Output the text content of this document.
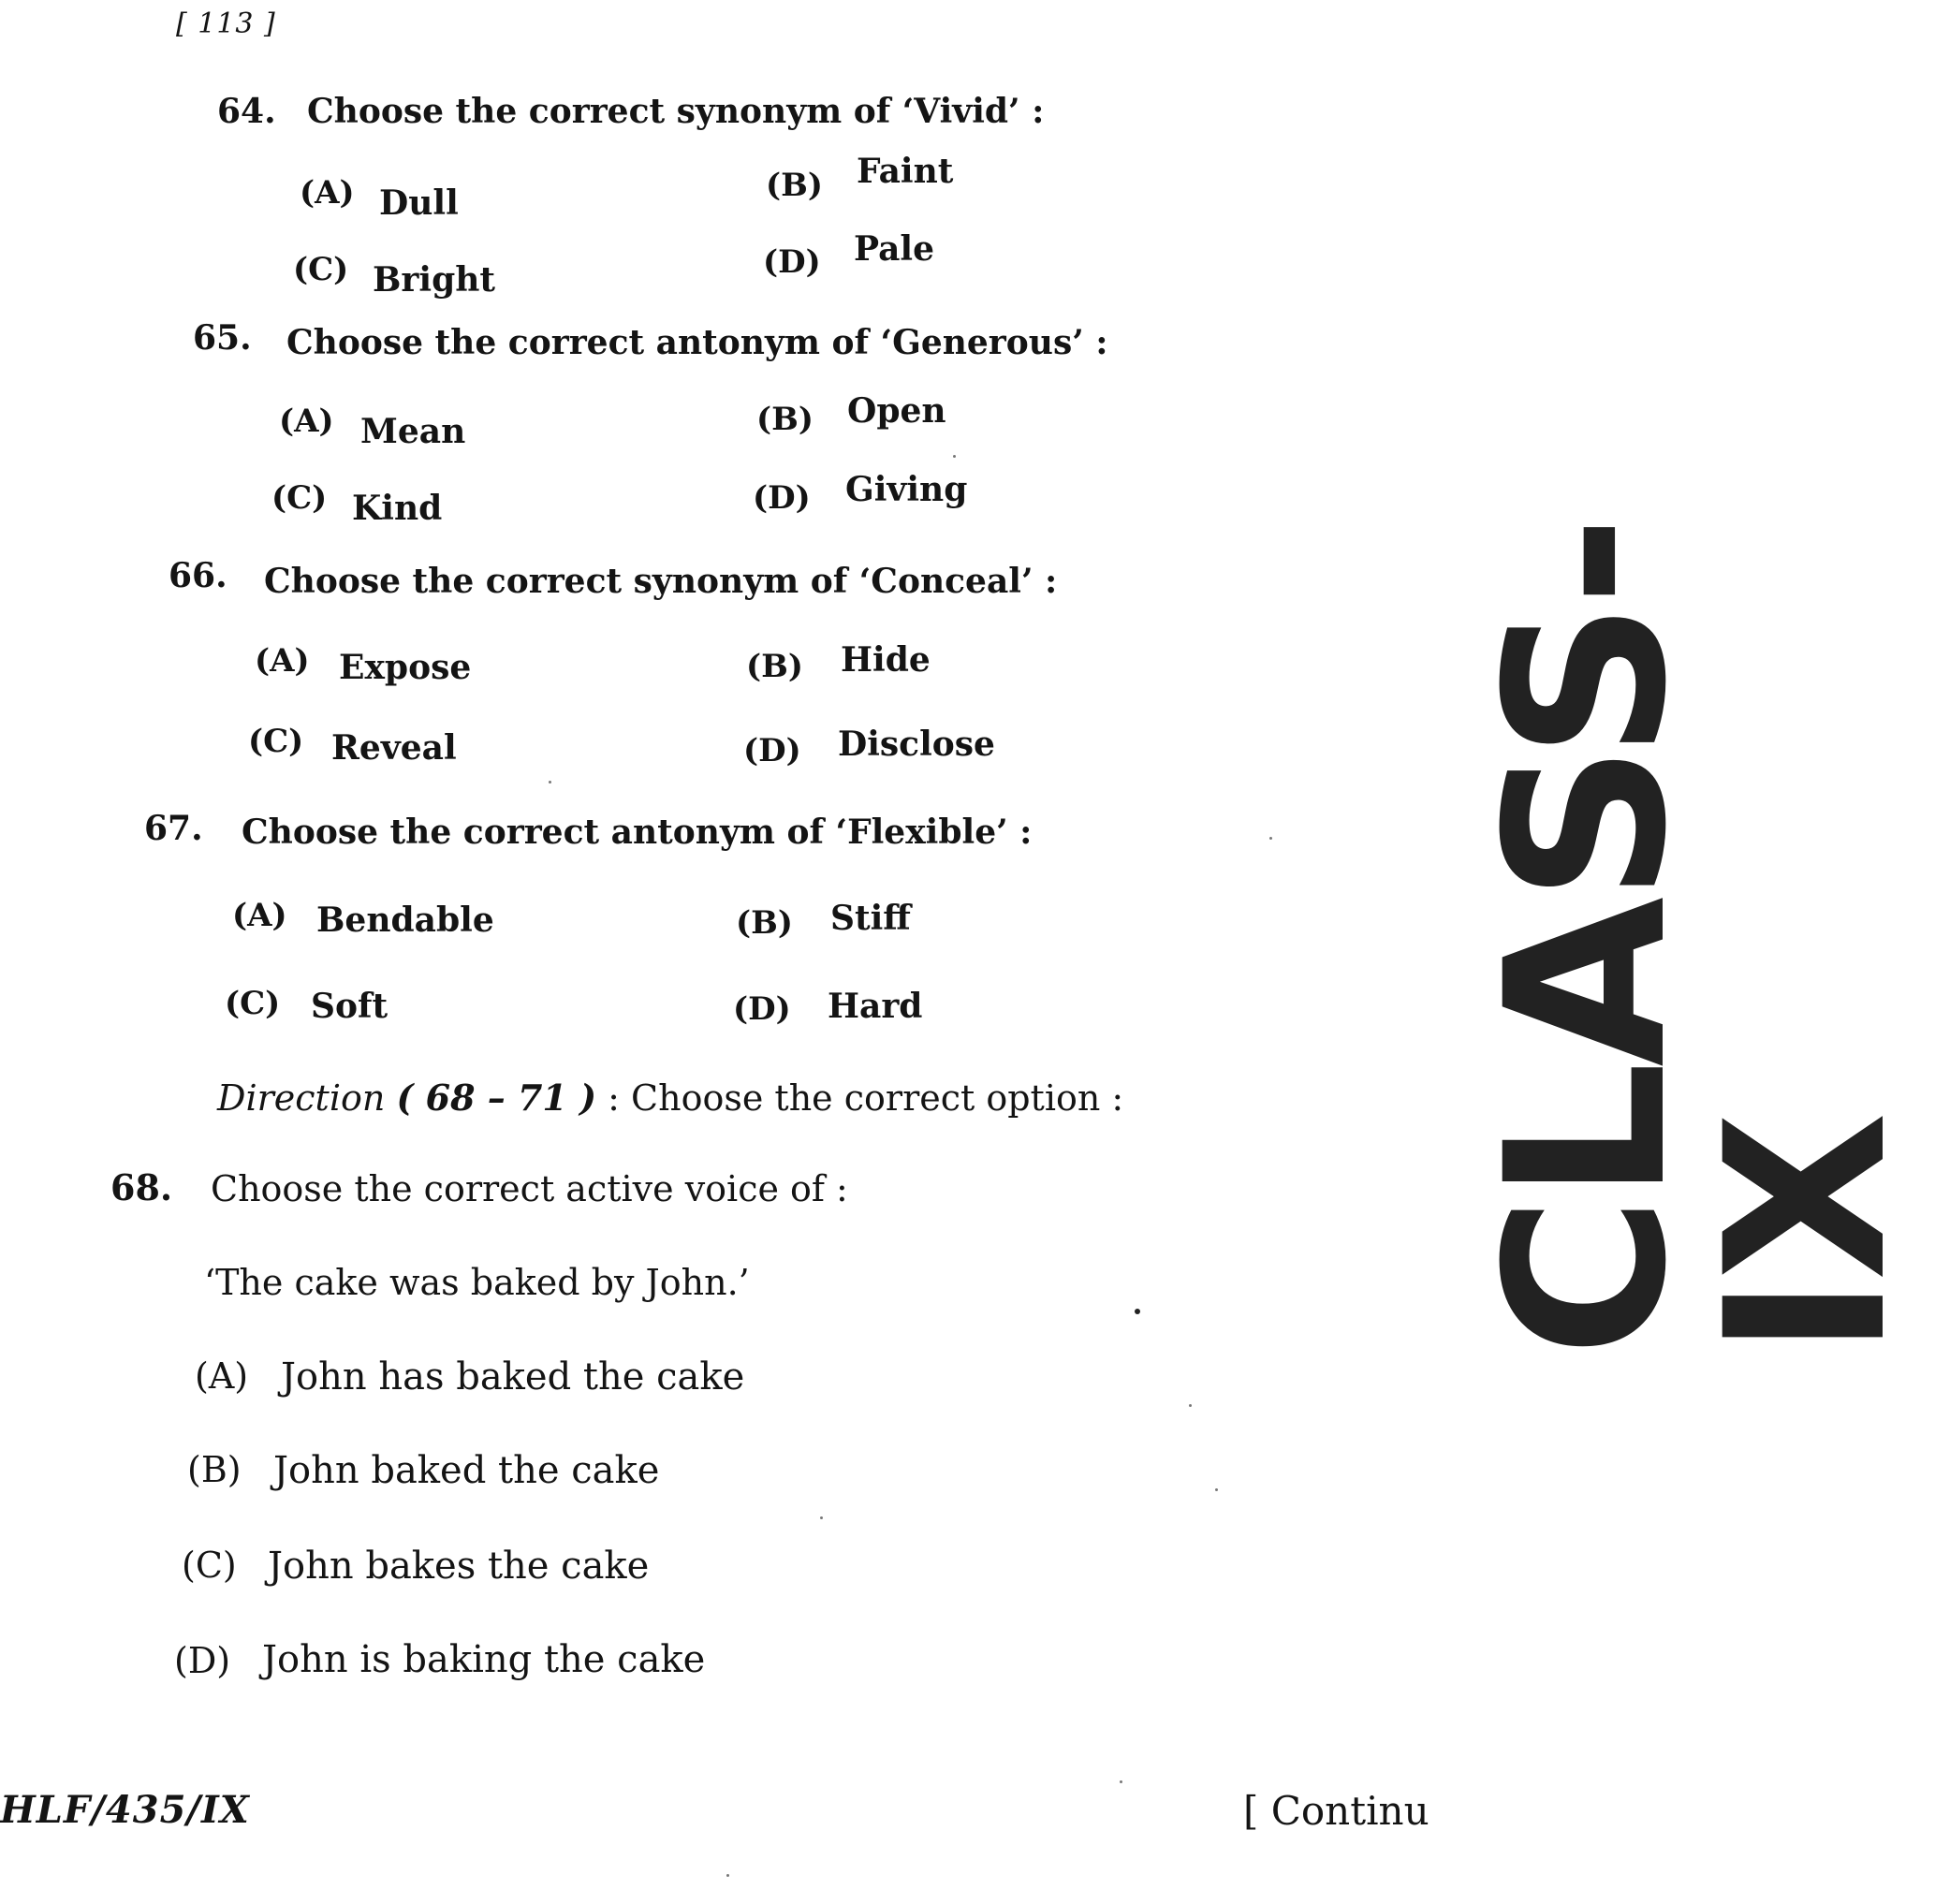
[ 113 ]
64. Choose the correct synonym of ‘Vivid’ :
(A) Dull	(B) Faint
(C) Bright	(D) Pale
65. Choose the correct antonym of ‘Generous’ :
(A) Mean	(B) Open
(C) Kind	(D) Giving
66. Choose the correct synonym of ‘Conceal’ :
(A) Expose	(B) Hide
(C) Reveal	(D) Disclose
67. Choose the correct antonym of ‘Flexible’ :
(A) Bendable	(B) Stiff
(C) Soft	(D) Hard
Direction ( 68 – 71 ) : Choose the correct option :
68. Choose the correct active voice of :
‘The cake was baked by John.’
(A) John has baked the cake
(B) John baked the cake
(C) John bakes the cake
(D) John is baking the cake
HLF/435/IX	[ Continu
CLASS-IX
